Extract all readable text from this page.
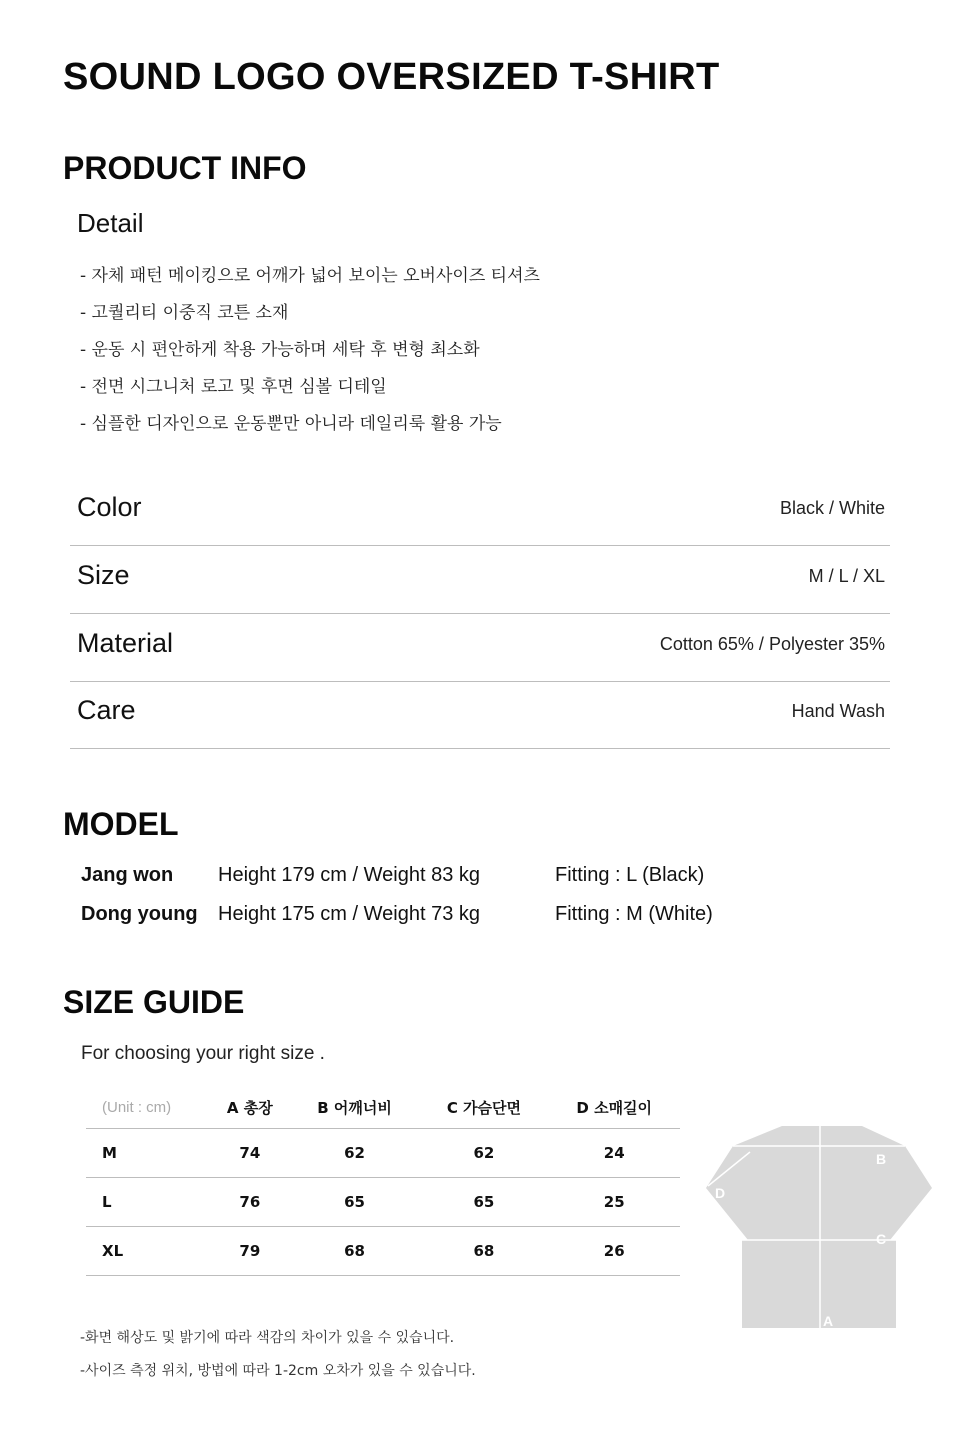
SOUND LOGO OVERSIZED T-SHIRT
PRODUCT INFO
Detail
- 자체 패턴 메이킹으로 어깨가 넓어 보이는 오버사이즈 티셔츠
- 고퀄리티 이중직 코튼 소재
- 운동 시 편안하게 착용 가능하며 세탁 후 변형 최소화
- 전면 시그니처 로고 및 후면 심볼 디테일
- 심플한 디자인으로 운동뿐만 아니라 데일리룩 활용 가능
Color	Black / White
Size	M / L / XL
Material	Cotton 65% / Polyester 35%
Care	Hand Wash
MODEL
Jang won Height 179 cm / Weight 83 kg	Fitting : L (Black)
Dong young Height 175 cm / Weight 73 kg	Fitting : M (White)
SIZE GUIDE
For choosing your right size .
(Unit : cm)	A 총장	B 어깨너비	C 가슴단면	D 소매길이
M	74	62	62	24
L	76	65	65	25
XL	79	68	68	26
B
D
C
A
-화면 해상도 및 밝기에 따라 색감의 차이가 있을 수 있습니다.
-사이즈 측정 위치, 방법에 따라 1-2cm 오차가 있을 수 있습니다.
